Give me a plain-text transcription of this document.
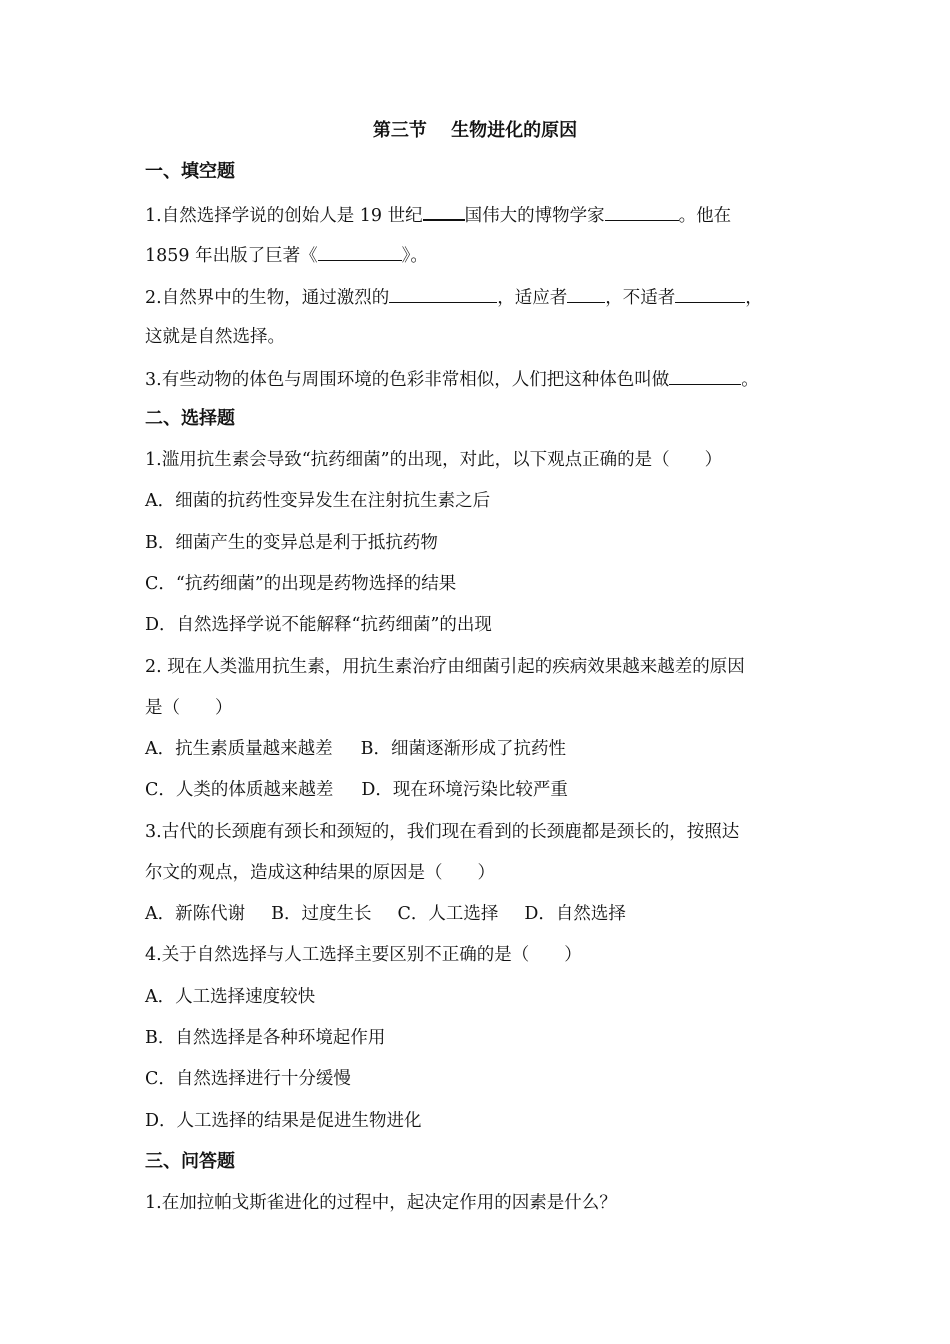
第三节　 生物进化的原因
一、填空题
1.自然选择学说的创始人是 19 世纪 国伟大的博物学家	。他在
1859 年出版了巨著《	》。
2.自然界中的生物，通过激烈的	，适应者 ，不适者	，
这就是自然选择。
3.有些动物的体色与周围环境的色彩非常相似，人们把这种体色叫做	。
二、选择题
1.滥用抗生素会导致“抗药细菌”的出现，对此，以下观点正确的是（　　）
A．细菌的抗药性变异发生在注射抗生素之后
B．细菌产生的变异总是利于抵抗药物
C．“抗药细菌”的出现是药物选择的结果
D．自然选择学说不能解释“抗药细菌”的出现
2. 现在人类滥用抗生素，用抗生素治疗由细菌引起的疾病效果越来越差的原因
是（　　）
A．抗生素质量越来越差 B．细菌逐渐形成了抗药性
C．人类的体质越来越差 D．现在环境污染比较严重
3.古代的长颈鹿有颈长和颈短的，我们现在看到的长颈鹿都是颈长的，按照达
尔文的观点，造成这种结果的原因是（　　）
A．新陈代谢 B．过度生长 C．人工选择 D．自然选择
4.关于自然选择与人工选择主要区别不正确的是（　　）
A．人工选择速度较快
B．自然选择是各种环境起作用
C．自然选择进行十分缓慢
D．人工选择的结果是促进生物进化
三、问答题
1.在加拉帕戈斯雀进化的过程中，起决定作用的因素是什么？
